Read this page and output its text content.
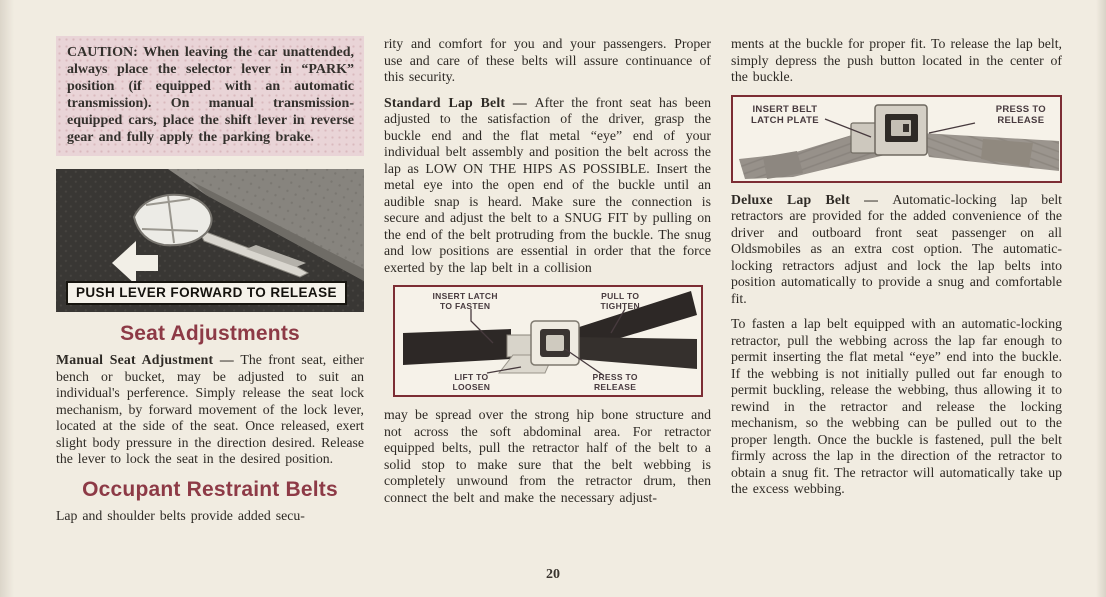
CAUTION: When leaving the car unattended, always place the selector lever in “PARK” position (if equipped with an automatic transmission). On manual transmission-equipped cars, place the shift lever in reverse gear and fully apply the parking brake.
PUSH LEVER FORWARD TO RELEASE
Seat Adjustments

Manual Seat Adjustment — The front seat, either bench or bucket, may be adjusted to suit an individual's perference. Simply release the seat lock mechanism, by forward movement of the lock lever, located at the side of the seat. Once released, exert slight body pressure in the direction desired. Release the lever to lock the seat in the desired position.

Occupant Restraint Belts

Lap and shoulder belts provide added secu-

rity and comfort for you and your passengers. Proper use and care of these belts will assure continuance of this security.

Standard Lap Belt — After the front seat has been adjusted to the satisfaction of the driver, grasp the buckle end and the flat metal “eye” end of your individual belt assembly and position the belt across the lap as LOW ON THE HIPS AS POSSIBLE. Insert the metal eye into the open end of the buckle until an audible snap is heard. Make sure the connection is secure and adjust the belt to a SNUG FIT by pulling on the end of the belt protruding from the buckle. The snug and low positions are essential in order that the force exerted by the lap belt in a collision

INSERT LATCH
TO FASTEN
PULL TO
TIGHTEN
LIFT TO
LOOSEN
PRESS TO
RELEASE

may be spread over the strong hip bone structure and not across the soft abdominal area. For retractor equipped belts, pull the retractor half of the belt to a solid stop to make sure that the belt webbing is completely unwound from the retractor drum, then connect the belt and make the necessary adjust-

ments at the buckle for proper fit. To release the lap belt, simply depress the push button located in the center of the buckle.

INSERT BELT
LATCH PLATE
PRESS TO
RELEASE

Deluxe Lap Belt — Automatic-locking lap belt retractors are provided for the added convenience of the driver and outboard front seat passenger on all Oldsmobiles as an extra cost option. The automatic-locking retractors adjust and lock the lap belts into position automatically to provide a snug and comfortable fit.

To fasten a lap belt equipped with an automatic-locking retractor, pull the webbing across the lap far enough to permit inserting the flat metal “eye” end into the buckle. If the webbing is not initially pulled out far enough to permit buckling, release the webbing, thus allowing it to rewind in the retractor and release the locking mechanism, so the webbing can be pulled out to the proper length. Once the buckle is fastened, pull the belt firmly across the lap in the direction of the retractor to obtain a snug fit. The retractor will automatically take up the excess webbing.

20
